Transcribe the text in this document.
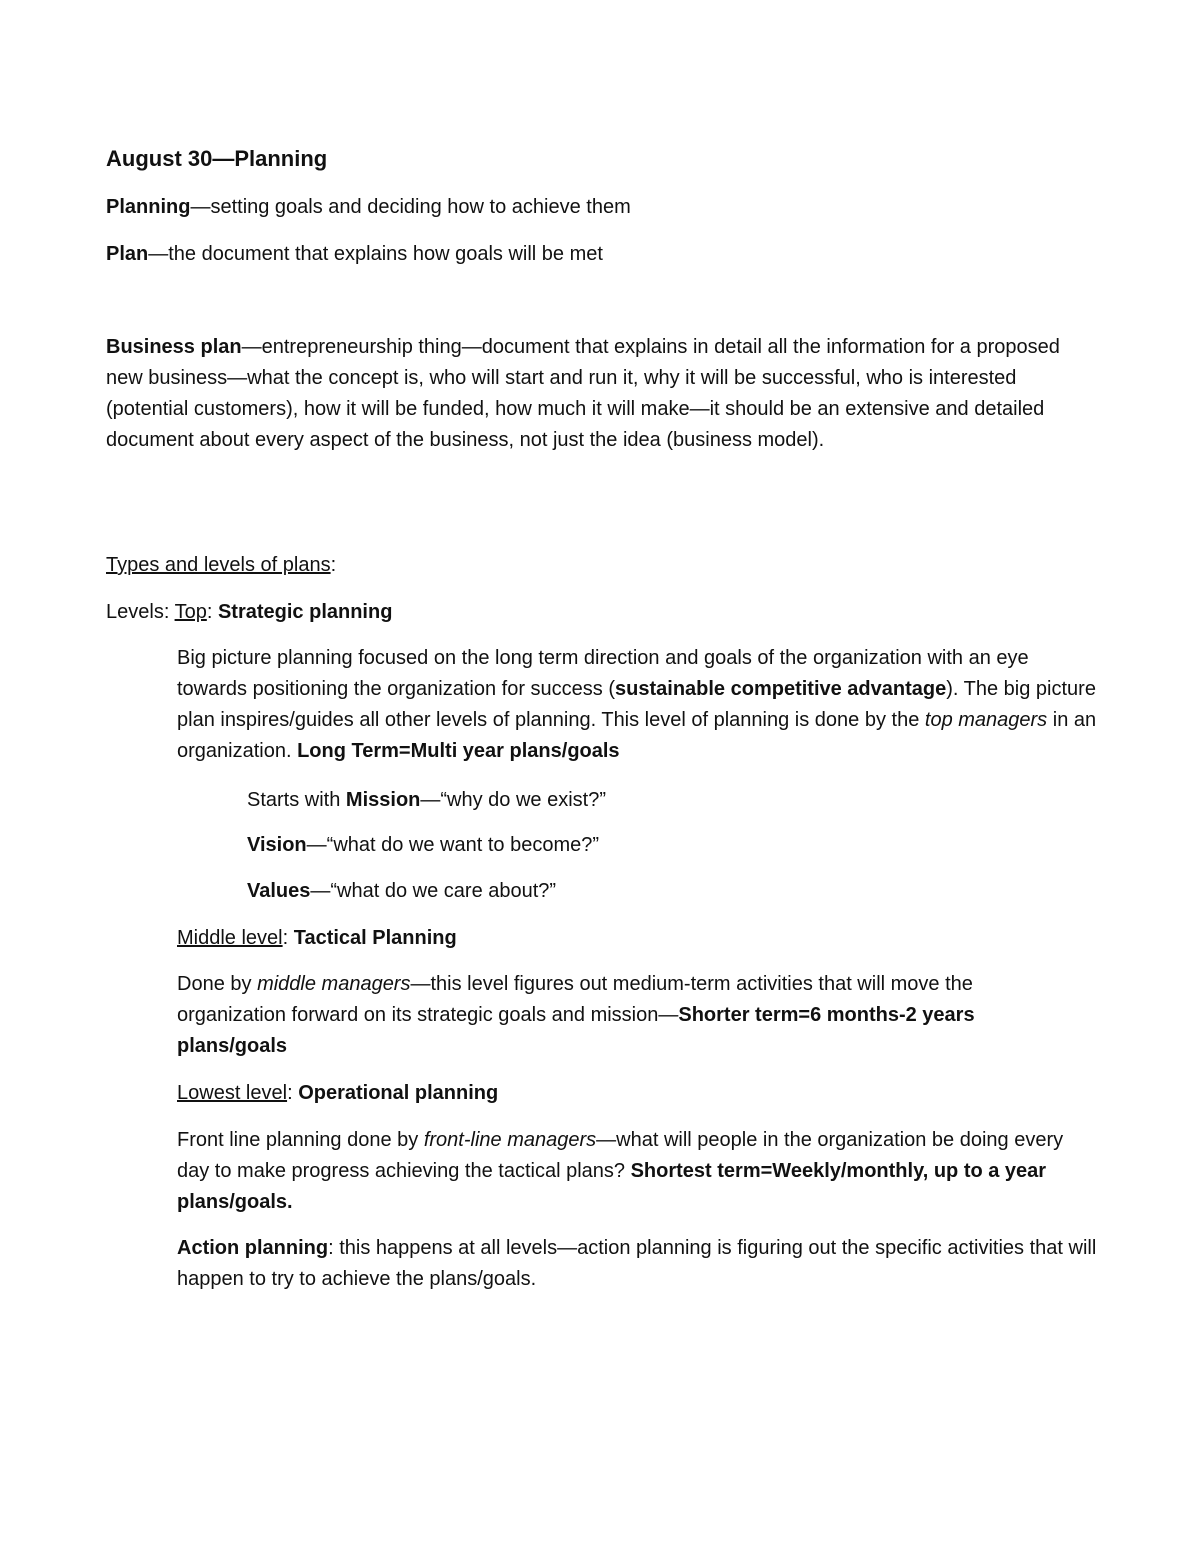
August 30—Planning
Planning—setting goals and deciding how to achieve them
Plan—the document that explains how goals will be met
Business plan—entrepreneurship thing—document that explains in detail all the information for a proposed new business—what the concept is, who will start and run it, why it will be successful, who is interested (potential customers), how it will be funded, how much it will make—it should be an extensive and detailed document about every aspect of the business, not just the idea (business model).
Types and levels of plans:
Levels: Top: Strategic planning
Big picture planning focused on the long term direction and goals of the organization with an eye towards positioning the organization for success (sustainable competitive advantage). The big picture plan inspires/guides all other levels of planning. This level of planning is done by the top managers in an organization. Long Term=Multi year plans/goals
Starts with Mission—“why do we exist?”
Vision—“what do we want to become?”
Values—“what do we care about?”
Middle level: Tactical Planning
Done by middle managers—this level figures out medium-term activities that will move the organization forward on its strategic goals and mission—Shorter term=6 months-2 years plans/goals
Lowest level: Operational planning
Front line planning done by front-line managers—what will people in the organization be doing every day to make progress achieving the tactical plans? Shortest term=Weekly/monthly, up to a year plans/goals.
Action planning: this happens at all levels—action planning is figuring out the specific activities that will happen to try to achieve the plans/goals.
